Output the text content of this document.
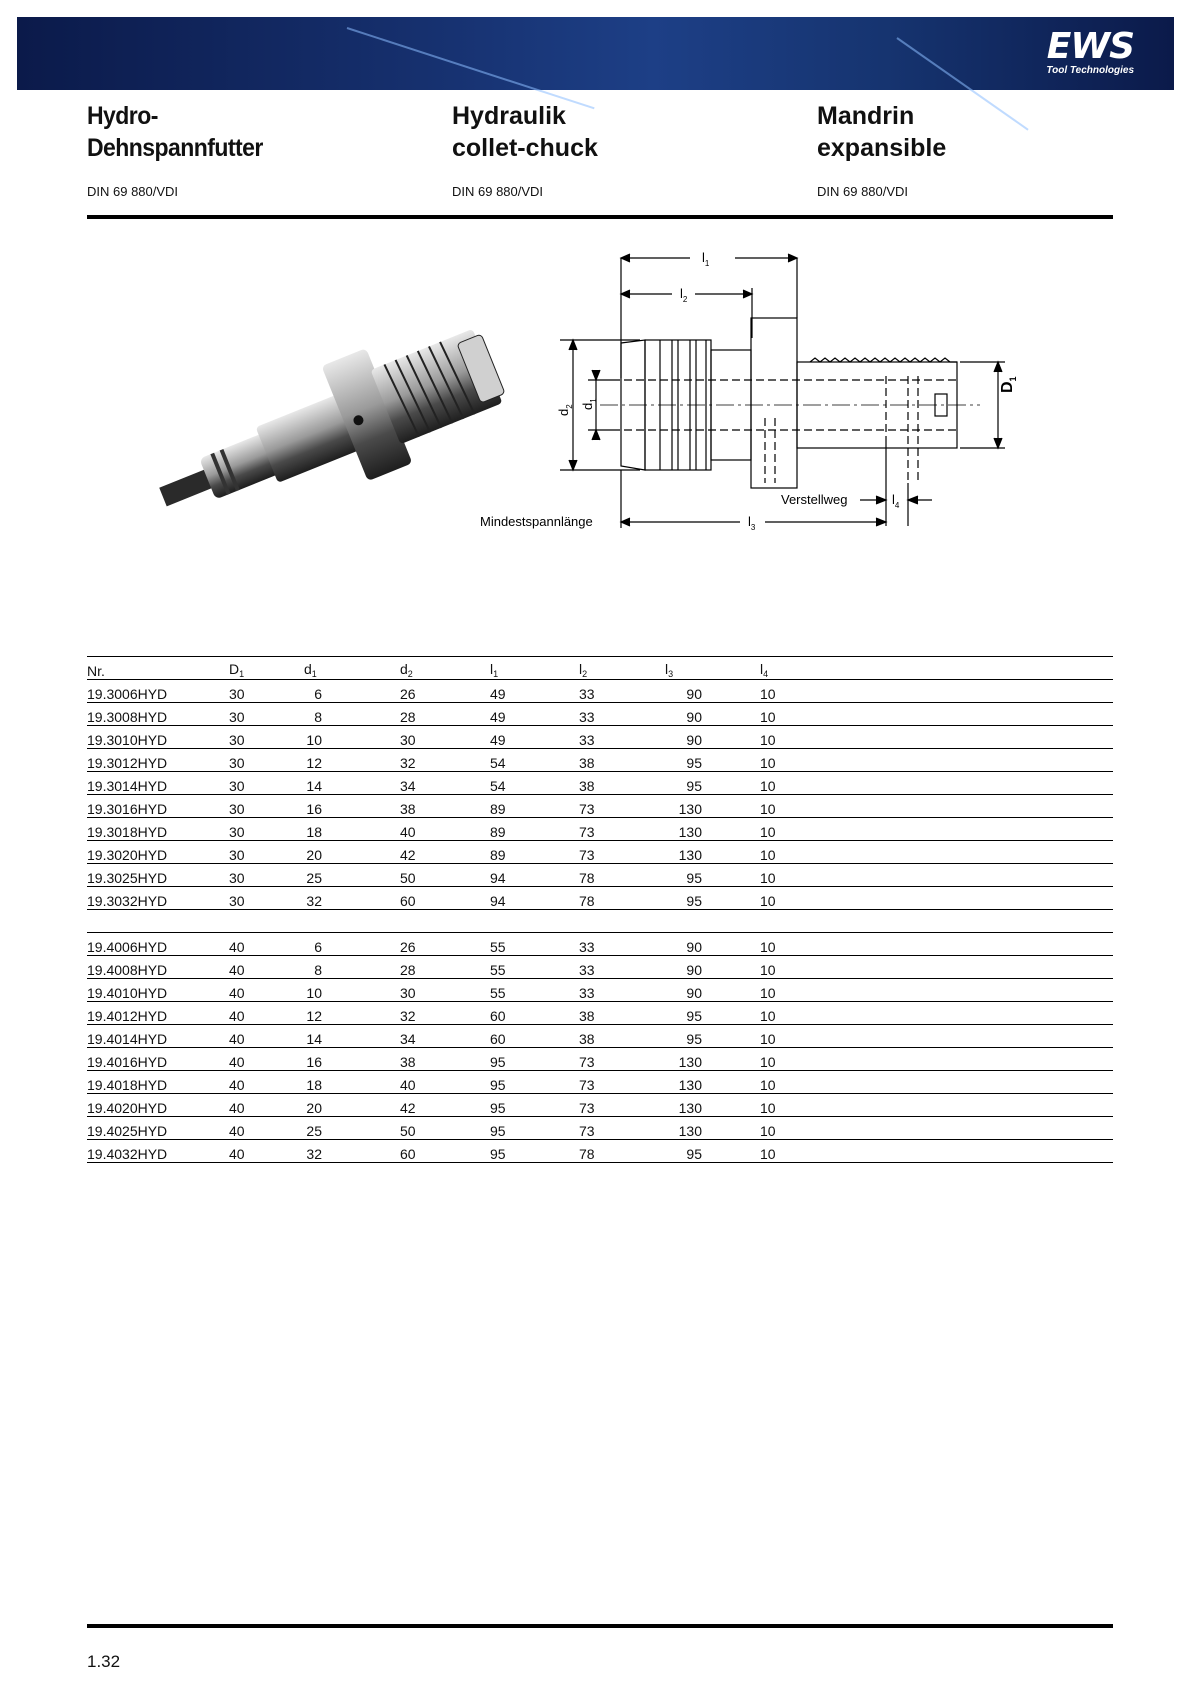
EWS
Tool Technologies
Hydro-
Dehnspannfutter
Hydraulik
collet-chuck
Mandrin
expansible
DIN 69 880/VDI	DIN 69 880/VDI	DIN 69 880/VDI
$l_1$
$l_2$
$d_2$ $d_1$
$D_1$
Verstellweg	$l_4$
$l_3$
Mindestspannlänge
Nr.	$D_1$	$d_1$	$d_2$	$l_1$	$l_2$	$l_3$	$l_4$
19.3006HYD	30	6	26	49	33	90	10
19.3008HYD	30	8	28	49	33	90	10
19.3010HYD	30	10	30	49	33	90	10
19.3012HYD	30	12	32	54	38	95	10
19.3014HYD	30	14	34	54	38	95	10
19.3016HYD	30	16	38	89	73	130	10
19.3018HYD	30	18	40	89	73	130	10
19.3020HYD	30	20	42	89	73	130	10
19.3025HYD	30	25	50	94	78	95	10
19.3032HYD	30	32	60	94	78	95	10

19.4006HYD	40	6	26	55	33	90	10
19.4008HYD	40	8	28	55	33	90	10
19.4010HYD	40	10	30	55	33	90	10
19.4012HYD	40	12	32	60	38	95	10
19.4014HYD	40	14	34	60	38	95	10
19.4016HYD	40	16	38	95	73	130	10
19.4018HYD	40	18	40	95	73	130	10
19.4020HYD	40	20	42	95	73	130	10
19.4025HYD	40	25	50	95	73	130	10
19.4032HYD	40	32	60	95	78	95	10
1.32
